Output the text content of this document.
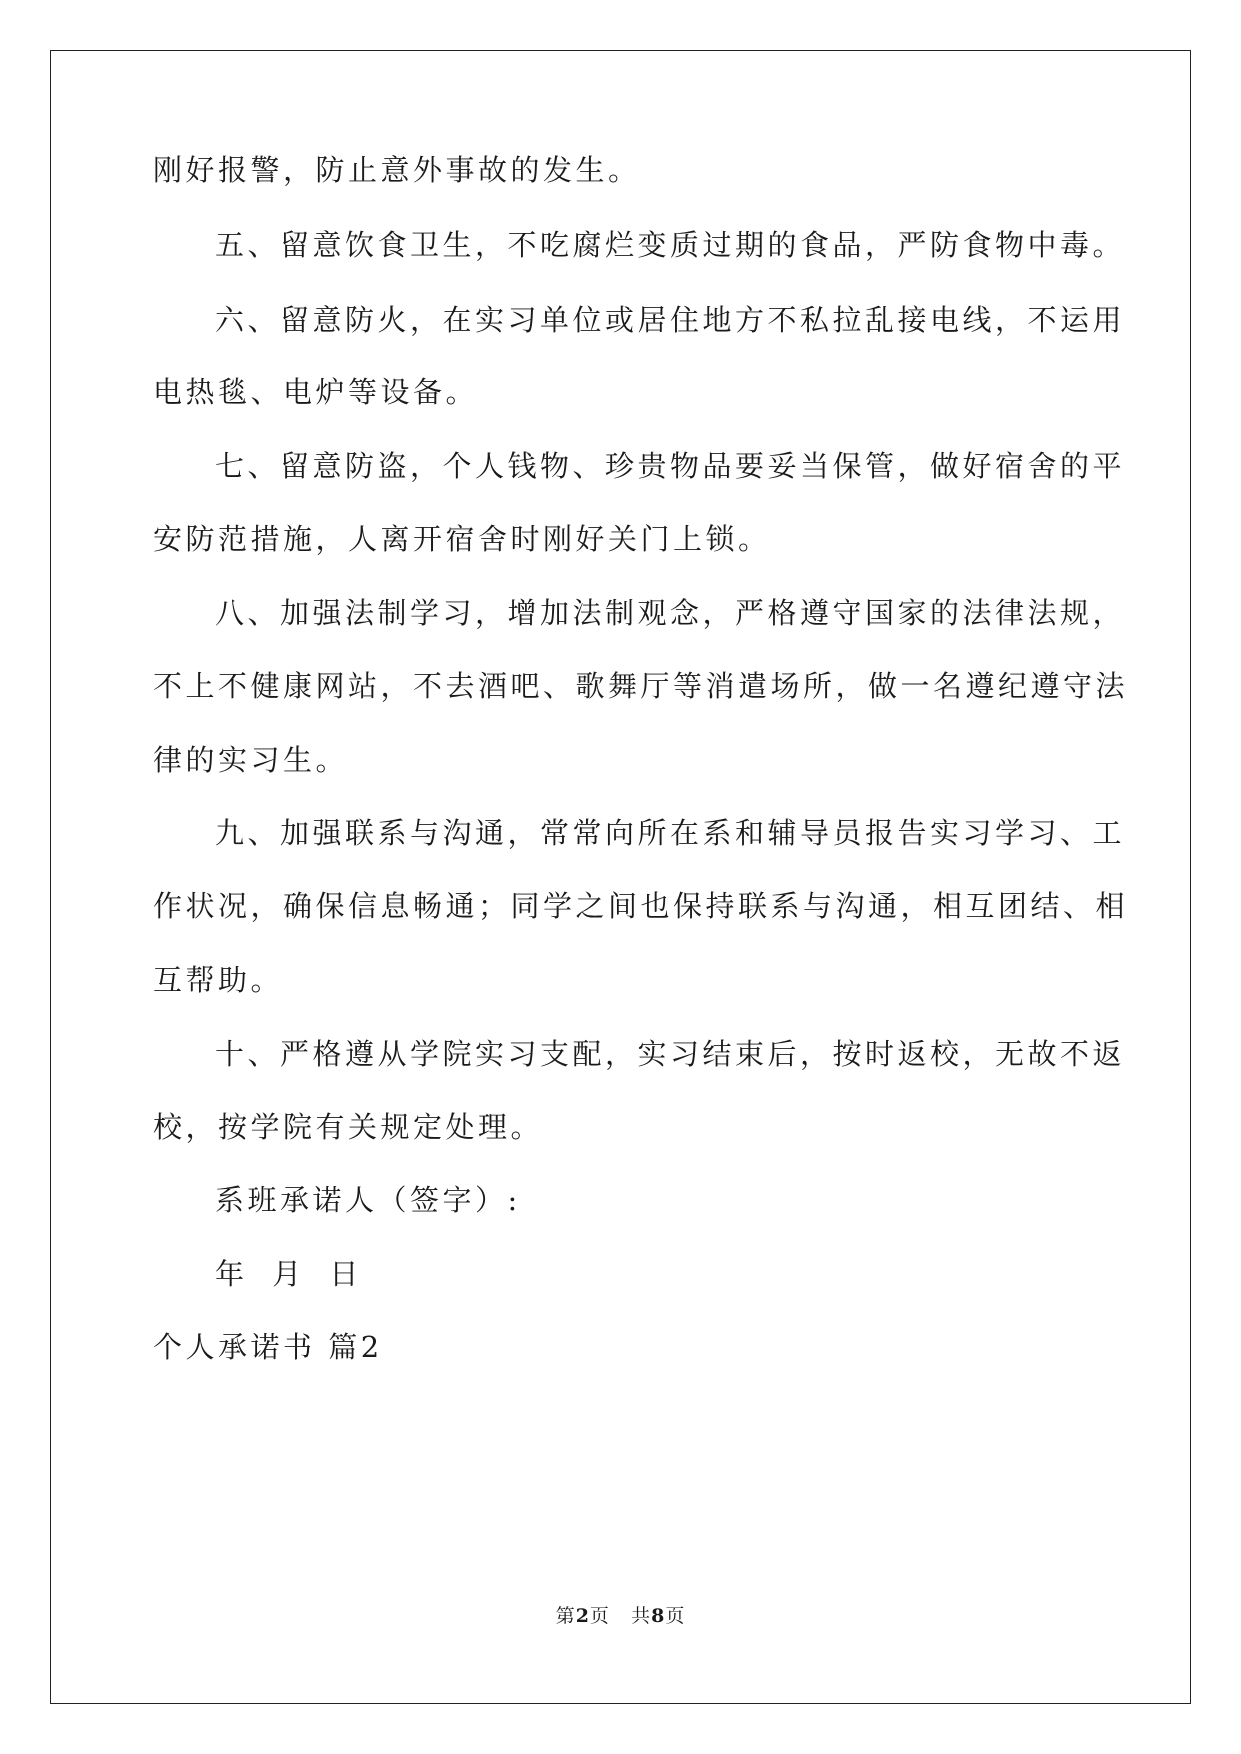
刚好报警，防止意外事故的发生。
五、留意饮食卫生，不吃腐烂变质过期的食品，严防食物中毒。
六、留意防火，在实习单位或居住地方不私拉乱接电线，不运用
电热毯、电炉等设备。
七、留意防盗，个人钱物、珍贵物品要妥当保管，做好宿舍的平
安防范措施，人离开宿舍时刚好关门上锁。
八、加强法制学习，增加法制观念，严格遵守国家的法律法规，
不上不健康网站，不去酒吧、歌舞厅等消遣场所，做一名遵纪遵守法
律的实习生。
九、加强联系与沟通，常常向所在系和辅导员报告实习学习、工
作状况，确保信息畅通；同学之间也保持联系与沟通，相互团结、相
互帮助。
十、严格遵从学院实习支配，实习结束后，按时返校，无故不返
校，按学院有关规定处理。
系班承诺人（签字）:
年 月 日
个人承诺书 篇2
第2页 共8页
